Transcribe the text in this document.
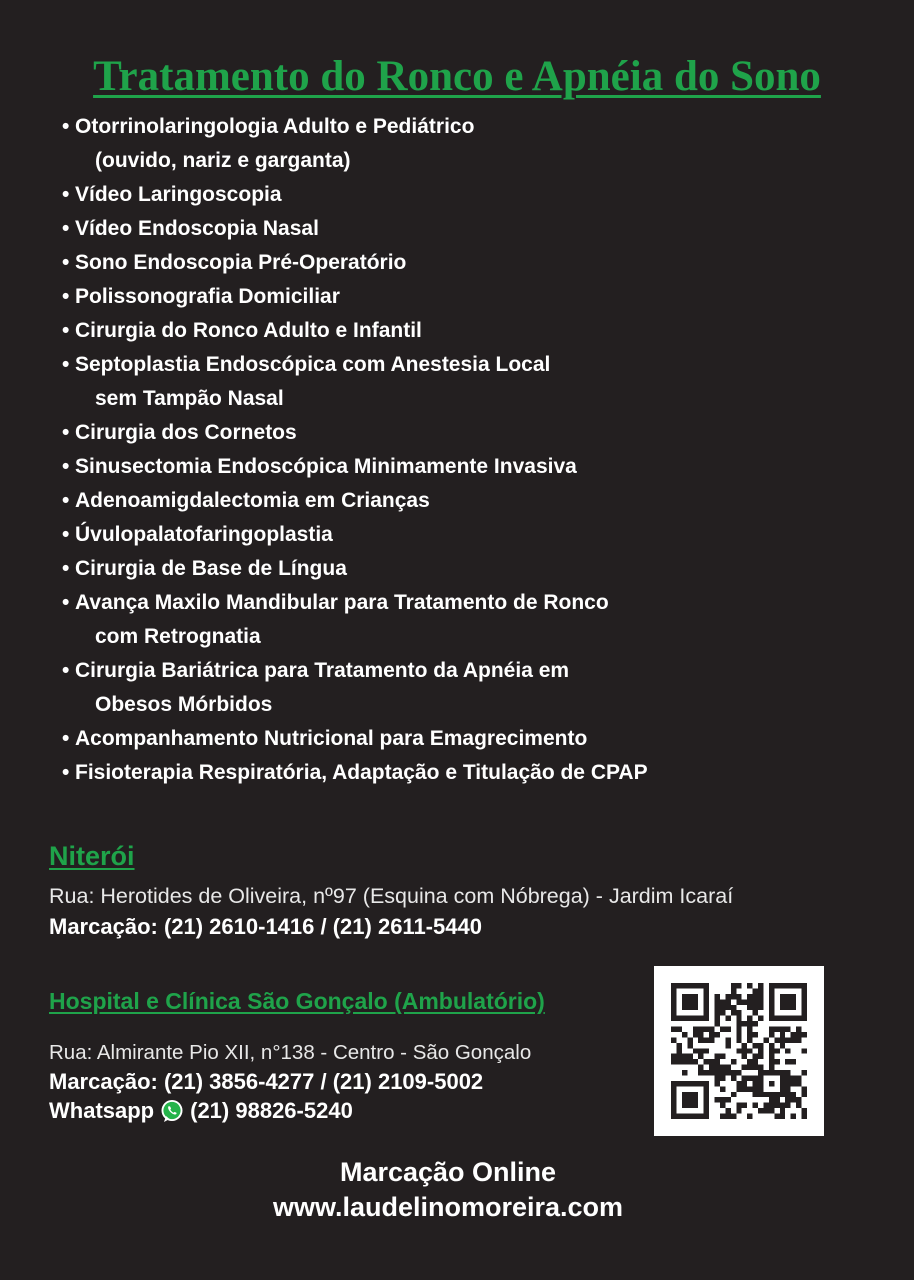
Tratamento do Ronco e Apnéia do Sono
• Otorrinolaringologia Adulto e Pediátrico
(ouvido, nariz e garganta)
• Vídeo Laringoscopia
• Vídeo Endoscopia Nasal
• Sono Endoscopia Pré-Operatório
• Polissonografia Domiciliar
• Cirurgia do Ronco Adulto e Infantil
• Septoplastia Endoscópica com Anestesia Local
sem Tampão Nasal
• Cirurgia dos Cornetos
• Sinusectomia Endoscópica Minimamente Invasiva
• Adenoamigdalectomia em Crianças
• Úvulopalatofaringoplastia
• Cirurgia de Base de Língua
• Avança Maxilo Mandibular para Tratamento de Ronco
com Retrognatia
• Cirurgia Bariátrica para Tratamento da Apnéia em
Obesos Mórbidos
• Acompanhamento Nutricional para Emagrecimento
• Fisioterapia Respiratória, Adaptação e Titulação de CPAP
Niterói
Rua: Herotides de Oliveira, nº97 (Esquina com Nóbrega) - Jardim Icaraí
Marcação: (21) 2610-1416 / (21) 2611-5440
Hospital e Clínica São Gonçalo (Ambulatório)
Rua: Almirante Pio XII, n°138 - Centro - São Gonçalo
Marcação: (21) 3856-4277 / (21) 2109-5002
Whatsapp (21) 98826-5240
Marcação Online
www.laudelinomoreira.com
